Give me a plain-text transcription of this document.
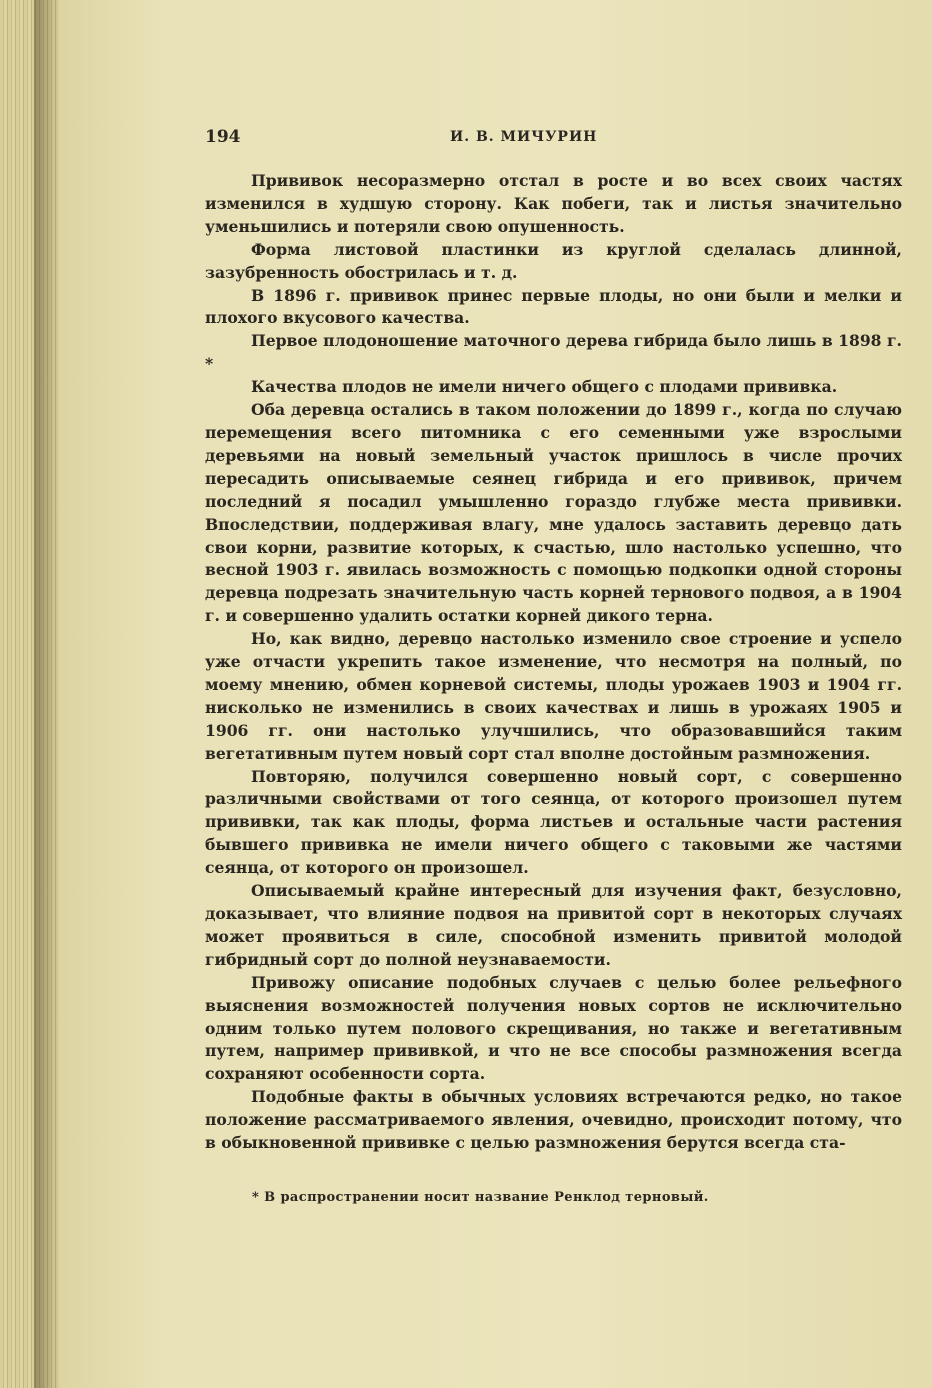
194	И. В. МИЧУРИН

Прививок несоразмерно отстал в росте и во всех своих частях изменился в худшую сторону. Как побеги, так и листья значительно уменьшились и потеряли свою опушенность.

Форма листовой пластинки из круглой сделалась длинной, зазубренность обострилась и т. д.

В 1896 г. прививок принес первые плоды, но они были и мелки и плохого вкусового качества.

Первое плодоношение маточного дерева гибрида было лишь в 1898 г. *

Качества плодов не имели ничего общего с плодами прививка.

Оба деревца остались в таком положении до 1899 г., когда по случаю перемещения всего питомника с его семенными уже взрослыми деревьями на новый земельный участок пришлось в числе прочих пересадить описываемые сеянец гибрида и его прививок, причем последний я посадил умышленно гораздо глубже места прививки. Впоследствии, поддерживая влагу, мне удалось заставить деревцо дать свои корни, развитие которых, к счастью, шло настолько успешно, что весной 1903 г. явилась возможность с помощью подкопки одной стороны деревца подрезать значительную часть корней тернового подвоя, а в 1904 г. и совершенно удалить остатки корней дикого терна.

Но, как видно, деревцо настолько изменило свое строение и успело уже отчасти укрепить такое изменение, что несмотря на полный, по моему мнению, обмен корневой системы, плоды урожаев 1903 и 1904 гг. нисколько не изменились в своих качествах и лишь в урожаях 1905 и 1906 гг. они настолько улучшились, что образовавшийся таким вегетативным путем новый сорт стал вполне достойным размножения.

Повторяю, получился совершенно новый сорт, с совершенно различными свойствами от того сеянца, от которого произошел путем прививки, так как плоды, форма листьев и остальные части растения бывшего прививка не имели ничего общего с таковыми же частями сеянца, от которого он произошел.

Описываемый крайне интересный для изучения факт, безусловно, доказывает, что влияние подвоя на привитой сорт в некоторых случаях может проявиться в силе, способной изменить привитой молодой гибридный сорт до полной неузнаваемости.

Привожу описание подобных случаев с целью более рельефного выяснения возможностей получения новых сортов не исключительно одним только путем полового скрещивания, но также и вегетативным путем, например прививкой, и что не все способы размножения всегда сохраняют особенности сорта.

Подобные факты в обычных условиях встречаются редко, но такое положение рассматриваемого явления, очевидно, происходит потому, что в обыкновенной прививке с целью размножения берутся всегда ста-

* В распространении носит название Ренклод терновый.
